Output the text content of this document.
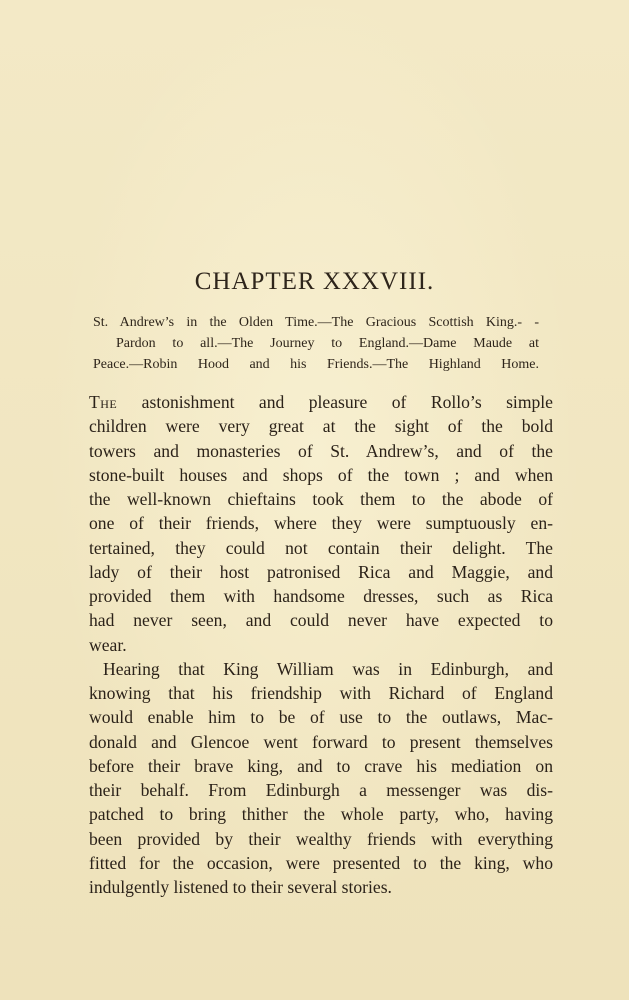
CHAPTER XXXVIII.
St. Andrew’s in the Olden Time.—The Gracious Scottish King.- -
Pardon to all.—The Journey to England.—Dame Maude at
Peace.—Robin Hood and his Friends.—The Highland Home.
The astonishment and pleasure of Rollo’s simple
children were very great at the sight of the bold
towers and monasteries of St. Andrew’s, and of the
stone-built houses and shops of the town ; and when
the well-known chieftains took them to the abode of
one of their friends, where they were sumptuously en-
tertained, they could not contain their delight. The
lady of their host patronised Rica and Maggie, and
provided them with handsome dresses, such as Rica
had never seen, and could never have expected to
wear.
Hearing that King William was in Edinburgh, and
knowing that his friendship with Richard of England
would enable him to be of use to the outlaws, Mac-
donald and Glencoe went forward to present themselves
before their brave king, and to crave his mediation on
their behalf. From Edinburgh a messenger was dis-
patched to bring thither the whole party, who, having
been provided by their wealthy friends with everything
fitted for the occasion, were presented to the king, who
indulgently listened to their several stories.
